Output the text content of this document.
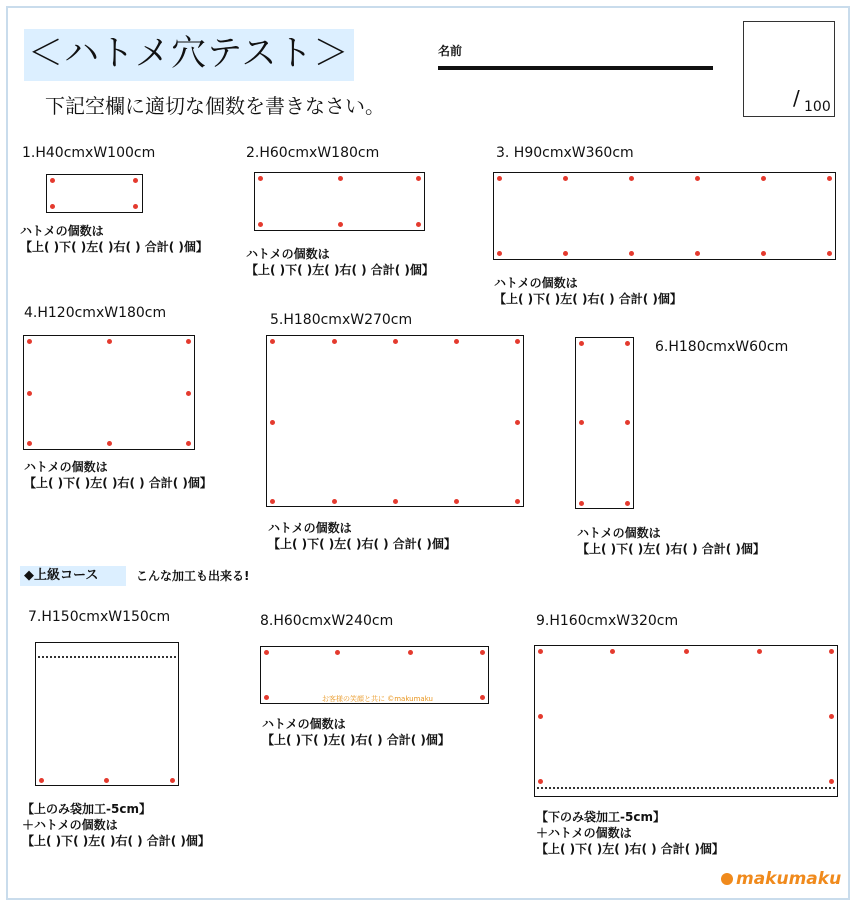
＜ハトメ穴テスト＞	名前
/ 100
下記空欄に適切な個数を書きなさい。
1.H40cmxW100cm
ハトメの個数は
【上( )下( )左( )右( ) 合計( )個】
2.H60cmxW180cm
ハトメの個数は
【上( )下( )左( )右( ) 合計( )個】
3. H90cmxW360cm
ハトメの個数は
【上( )下( )左( )右( ) 合計( )個】
4.H120cmxW180cm
ハトメの個数は
【上( )下( )左( )右( ) 合計( )個】
5.H180cmxW270cm
ハトメの個数は
【上( )下( )左( )右( ) 合計( )個】
6.H180cmxW60cm
ハトメの個数は
【上( )下( )左( )右( ) 合計( )個】
◆上級コース	こんな加工も出来る!
7.H150cmxW150cm
【上のみ袋加工-5cm】
＋ハトメの個数は
【上( )下( )左( )右( ) 合計( )個】
8.H60cmxW240cm
お客様の笑顔と共に ©makumaku
ハトメの個数は
【上( )下( )左( )右( ) 合計( )個】
9.H160cmxW320cm
【下のみ袋加工-5cm】
＋ハトメの個数は
【上( )下( )左( )右( ) 合計( )個】
makumaku
